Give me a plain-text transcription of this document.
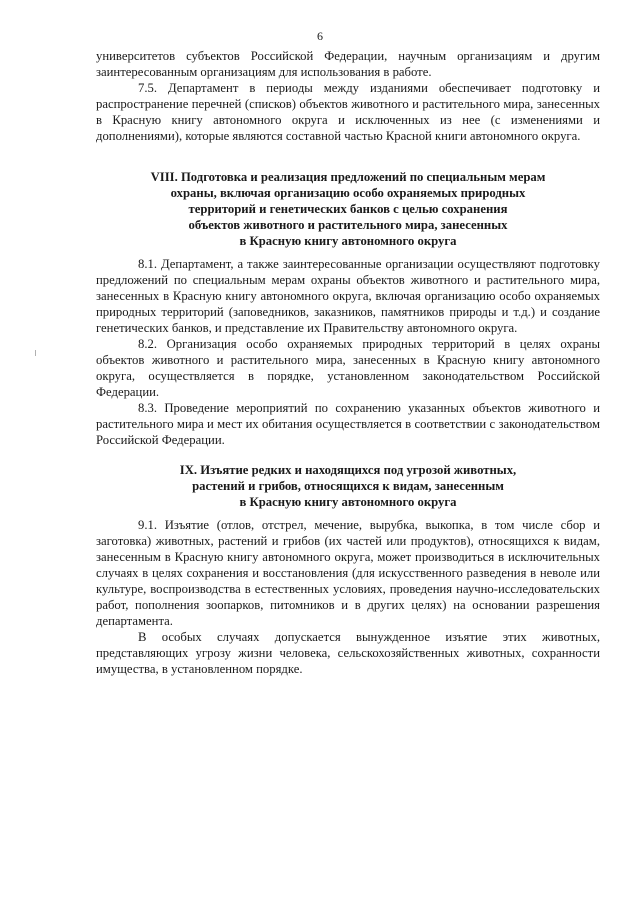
6

университетов субъектов Российской Федерации, научным организациям и другим заинтересованным организациям для использования в работе.

7.5. Департамент в периоды между изданиями обеспечивает подготовку и распространение перечней (списков) объектов животного и растительного мира, занесенных в Красную книгу автономного округа и исключенных из нее (с изменениями и дополнениями), которые являются составной частью Красной книги автономного округа.

VIII. Подготовка и реализация предложений по специальным мерам
охраны, включая организацию особо охраняемых природных
территорий и генетических банков с целью сохранения
объектов животного и растительного мира, занесенных
в Красную книгу автономного округа

8.1. Департамент, а также заинтересованные организации осуществляют подготовку предложений по специальным мерам охраны объектов животного и растительного мира, занесенных в Красную книгу автономного округа, включая организацию особо охраняемых природных территорий (заповедников, заказников, памятников природы и т.д.) и создание генетических банков, и представление их Правительству автономного округа.

8.2. Организация особо охраняемых природных территорий в целях охраны объектов животного и растительного мира, занесенных в Красную книгу автономного округа, осуществляется в порядке, установленном законодательством Российской Федерации.

8.3. Проведение мероприятий по сохранению указанных объектов животного и растительного мира и мест их обитания осуществляется в соответствии с законодательством Российской Федерации.

IX. Изъятие редких и находящихся под угрозой животных,
растений и грибов, относящихся к видам, занесенным
в Красную книгу автономного округа

9.1. Изъятие (отлов, отстрел, мечение, вырубка, выкопка, в том числе сбор и заготовка) животных, растений и грибов (их частей или продуктов), относящихся к видам, занесенным в Красную книгу автономного округа, может производиться в исключительных случаях в целях сохранения и восстановления (для искусственного разведения в неволе или культуре, воспроизводства в естественных условиях, проведения научно-исследовательских работ, пополнения зоопарков, питомников и в других целях) на основании разрешения департамента.

В особых случаях допускается вынужденное изъятие этих животных, представляющих угрозу жизни человека, сельскохозяйственных животных, сохранности имущества, в установленном порядке.
